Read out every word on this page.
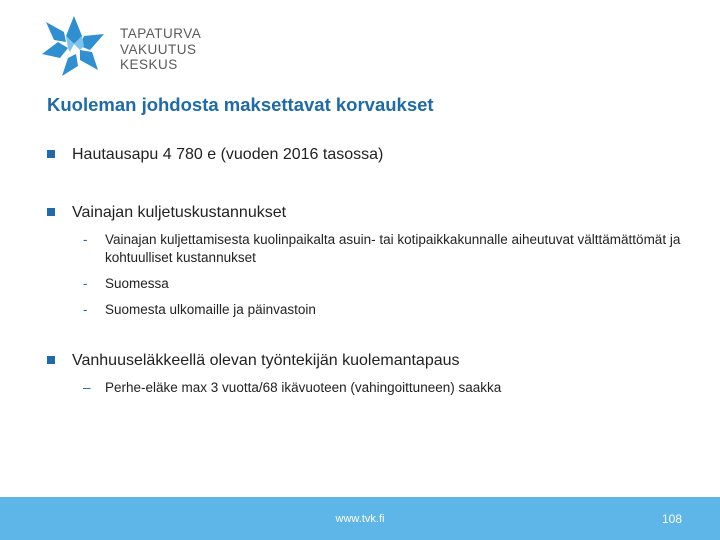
TAPATURVA
VAKUUTUS
KESKUS
Kuoleman johdosta maksettavat korvaukset
Hautausapu 4 780 e (vuoden 2016 tasossa)
Vainajan kuljetuskustannukset
- Vainajan kuljettamisesta kuolinpaikalta asuin- tai kotipaikkakunnalle aiheutuvat välttämättömät ja kohtuulliset kustannukset
- Suomessa
- Suomesta ulkomaille ja päinvastoin
Vanhuuseläkkeellä olevan työntekijän kuolemantapaus
– Perhe-eläke max 3 vuotta/68 ikävuoteen (vahingoittuneen) saakka
www.tvk.fi	108
